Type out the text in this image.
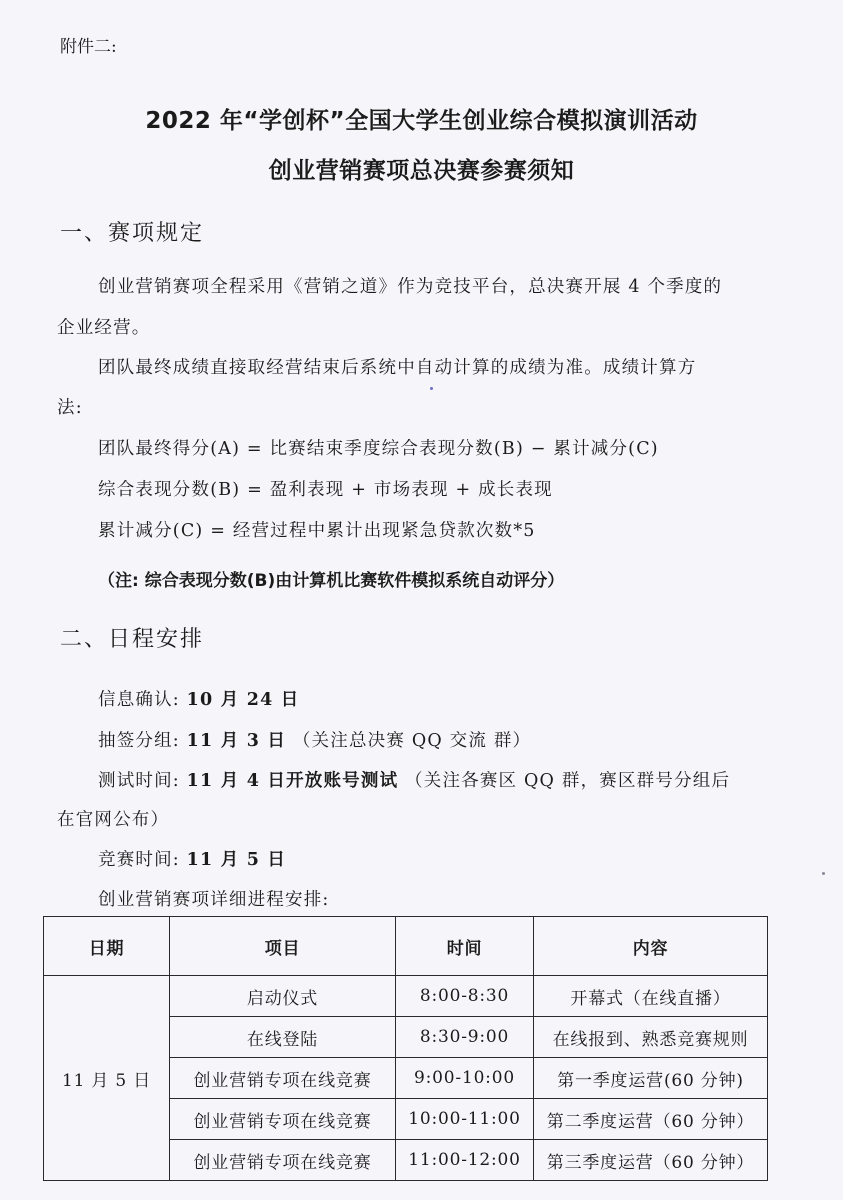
附件二:
2022 年“学创杯”全国大学生创业综合模拟演训活动
创业营销赛项总决赛参赛须知
一、赛项规定
创业营销赛项全程采用《营销之道》作为竞技平台，总决赛开展 4 个季度的
企业经营。
团队最终成绩直接取经营结束后系统中自动计算的成绩为准。成绩计算方
法:
团队最终得分(A) = 比赛结束季度综合表现分数(B) − 累计减分(C)
综合表现分数(B) = 盈利表现 + 市场表现 + 成长表现
累计减分(C) = 经营过程中累计出现紧急贷款次数*5
（注: 综合表现分数(B)由计算机比赛软件模拟系统自动评分）
二、日程安排
信息确认: 10 月 24 日
抽签分组: 11 月 3 日 （关注总决赛 QQ 交流 群）
测试时间: 11 月 4 日开放账号测试 （关注各赛区 QQ 群，赛区群号分组后
在官网公布）
竞赛时间: 11 月 5 日
创业营销赛项详细进程安排:
日期	项目	时间	内容
11 月 5 日	启动仪式	8:00-8:30	开幕式（在线直播）
	在线登陆	8:30-9:00	在线报到、熟悉竞赛规则
	创业营销专项在线竞赛	9:00-10:00	第一季度运营(60 分钟)
	创业营销专项在线竞赛	10:00-11:00	第二季度运营（60 分钟）
	创业营销专项在线竞赛	11:00-12:00	第三季度运营（60 分钟）
